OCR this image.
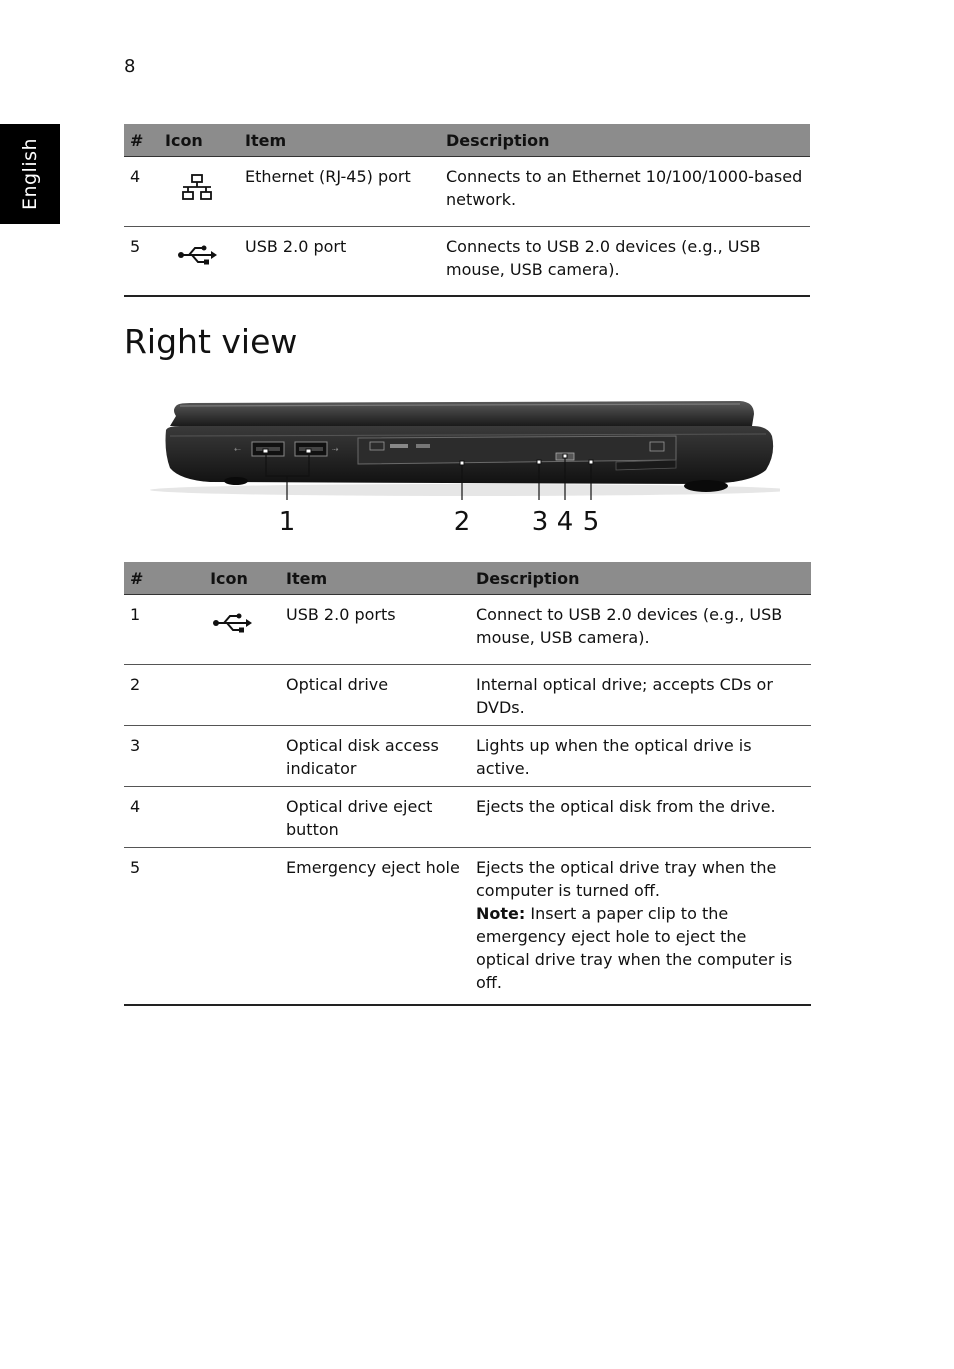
8
English	#	Icon	Item	Description
4		Ethernet (RJ-45) port	Connects to an Ethernet 10/100/1000-based network.
5		USB 2.0 port	Connects to USB 2.0 devices (e.g., USB mouse, USB camera).
Right view
⇠	⇢
1	2 3 4 5
#	Icon	Item	Description
1		USB 2.0 ports	Connect to USB 2.0 devices (e.g., USB mouse, USB camera).
2		Optical drive	Internal optical drive; accepts CDs or DVDs.
3		Optical disk access indicator	Lights up when the optical drive is active.
4		Optical drive eject button	Ejects the optical disk from the drive.
5		Emergency eject hole	Ejects the optical drive tray when the computer is turned off.
Note: Insert a paper clip to the emergency eject hole to eject the optical drive tray when the computer is off.
